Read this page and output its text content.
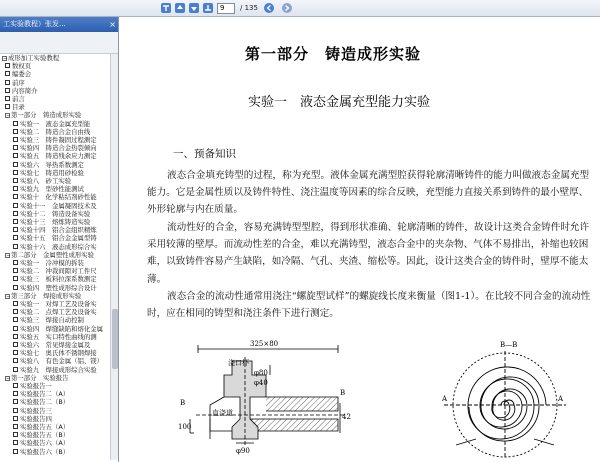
9	/ 135
工实验教程）张发...	×
−成形加工实验教程
数权页
编委会
前序
内容简介
前言
目录
−第一部分　铸造成形实验
实验一　液态金属充型能
实验二　铸造合金自由线
实验三　铸件凝固过程测定
实验四　铸造合金热裂倾向
实验五　铸造残余应力测定
实验六　导热系数测定
实验七　铸造用砂检验
实验八　砂工实验
实验九　型砂性能测试
实验十　化学粘结剂砂性能
实验十一　金属凝固技术及
实验十二　铸造设备实验
实验十三　熔炼铸造实验
实验十四　铝合金组织精炼
实验十五　铝合金金属型铸
实验十六　液态成形综合实
−第二部分　金属塑性成形实验
实验一　冷冲模的拆装
实验二　冲裁间隙对工件尺
实验三　板料拉深系数测定
实验四　塑性成形综合设计
−第三部分　焊接成形实验
实验一　对焊工艺及设备实
实验二　点焊工艺及设备实
实验三　焊接自动控制
实验四　焊缝缺陷和熔化金属
实验五　实口特性曲线的测
实验六　常见焊接金属及
实验七　奥氏体不锈钢焊接
实验八　有色金属（铝、镁）
实验九　焊接成形综合实验
−第一部分　实验报告
实验报告一
实验报告二（A）
实验报告二（B）
实验报告三
实验报告四
实验报告五（A）
实验报告五（B）
实验报告六（A）
实验报告六（B）
第一部分　铸造成形实验
实验一　液态金属充型能力实验
一、预备知识
液态合金填充铸型的过程，称为充型。液体金属充满型腔获得轮廓清晰铸件的能力叫做液态金属充型能力。它是金属性质以及铸件特性、浇注温度等因素的综合反映，充型能力直接关系到铸件的最小壁厚、外形轮廓与内在质量。
流动性好的合金，容易充满铸型型腔，得到形状准确、轮廓清晰的铸件，故设计这类合金铸件时允许采用较薄的壁厚。而流动性差的合金，难以充满铸型，液态合金中的夹杂物、气体不易排出，补缩也较困难，以致铸件容易产生缺陷，如冷隔、气孔、夹渣、缩松等。因此，设计这类合金的铸件时，壁厚不能太薄。
液态合金的流动性通常用浇注“螺旋型试样”的螺旋线长度来衡量（图1-1）。在比较不同合金的流动性时，应在相同的铸型和浇注条件下进行测定。
325×80
浇口杯
φ80
φ40
直浇道
B
B
42
100
φ90
B—B
A	A
